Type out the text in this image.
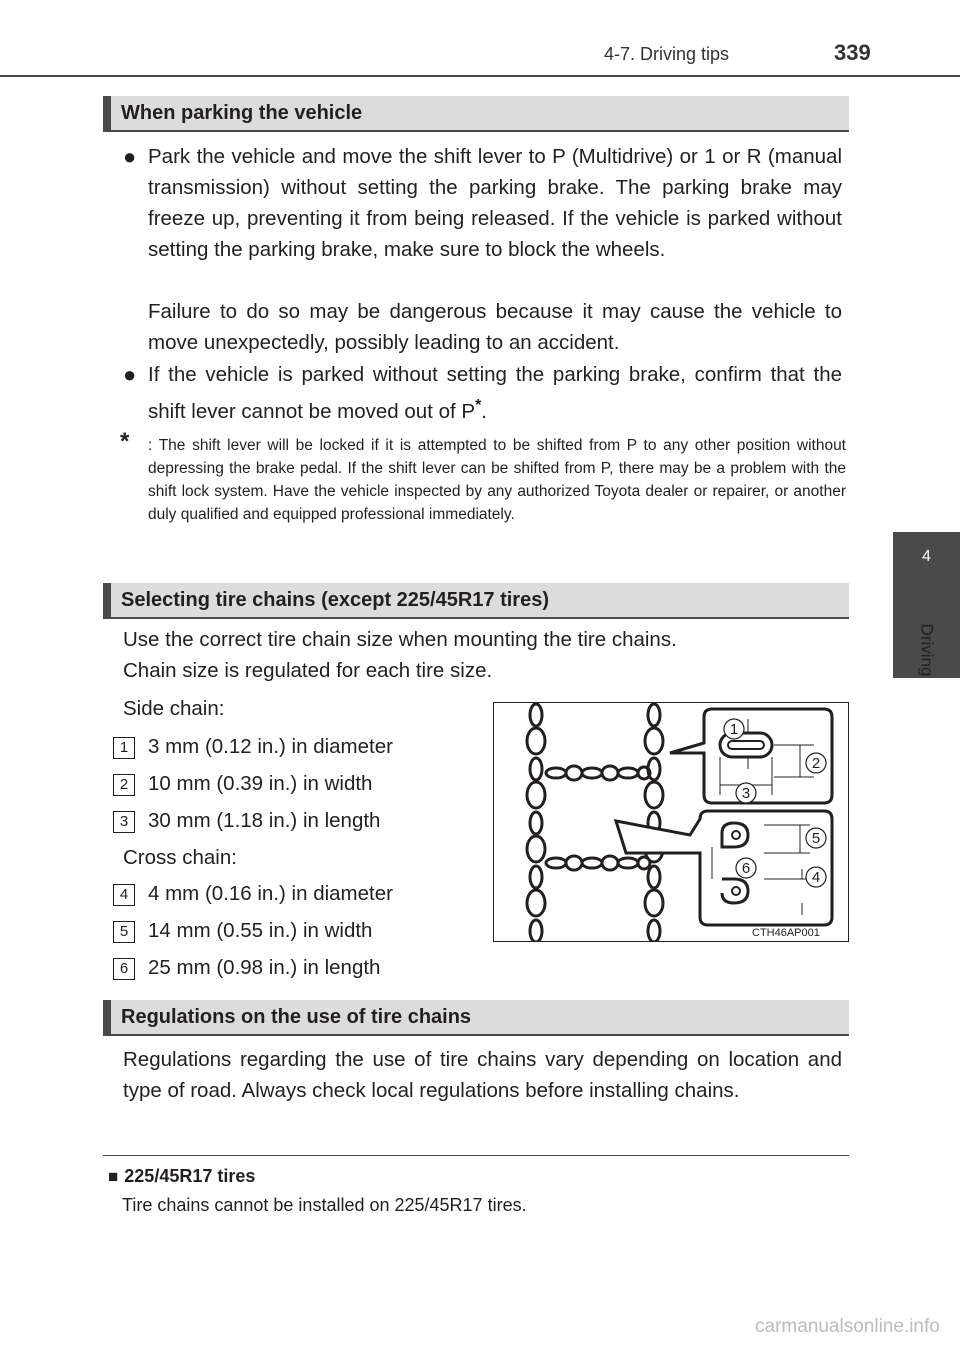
4-7. Driving tips	339
4
Driving
When parking the vehicle
● Park the vehicle and move the shift lever to P (Multidrive) or 1 or R (manual transmission) without setting the parking brake. The parking brake may freeze up, preventing it from being released. If the vehicle is parked without setting the parking brake, make sure to block the wheels.
Failure to do so may be dangerous because it may cause the vehicle to move unexpectedly, possibly leading to an accident.
● If the vehicle is parked without setting the parking brake, confirm that the shift lever cannot be moved out of P*.
*	: The shift lever will be locked if it is attempted to be shifted from P to any other position without depressing the brake pedal. If the shift lever can be shifted from P, there may be a problem with the shift lock system. Have the vehicle inspected by any authorized Toyota dealer or repairer, or another duly qualified and equipped professional immediately.
Selecting tire chains (except 225/45R17 tires)
Use the correct tire chain size when mounting the tire chains.
Chain size is regulated for each tire size.
Side chain:
1 3 mm (0.12 in.) in diameter
2 10 mm (0.39 in.) in width
3 30 mm (1.18 in.) in length
Cross chain:
4 4 mm (0.16 in.) in diameter
5 14 mm (0.55 in.) in width
6 25 mm (0.98 in.) in length
1
2
3
4
5
6
CTH46AP001
Regulations on the use of tire chains
Regulations regarding the use of tire chains vary depending on location and type of road. Always check local regulations before installing chains.
■ 225/45R17 tires
Tire chains cannot be installed on 225/45R17 tires.
carmanualsonline.info
